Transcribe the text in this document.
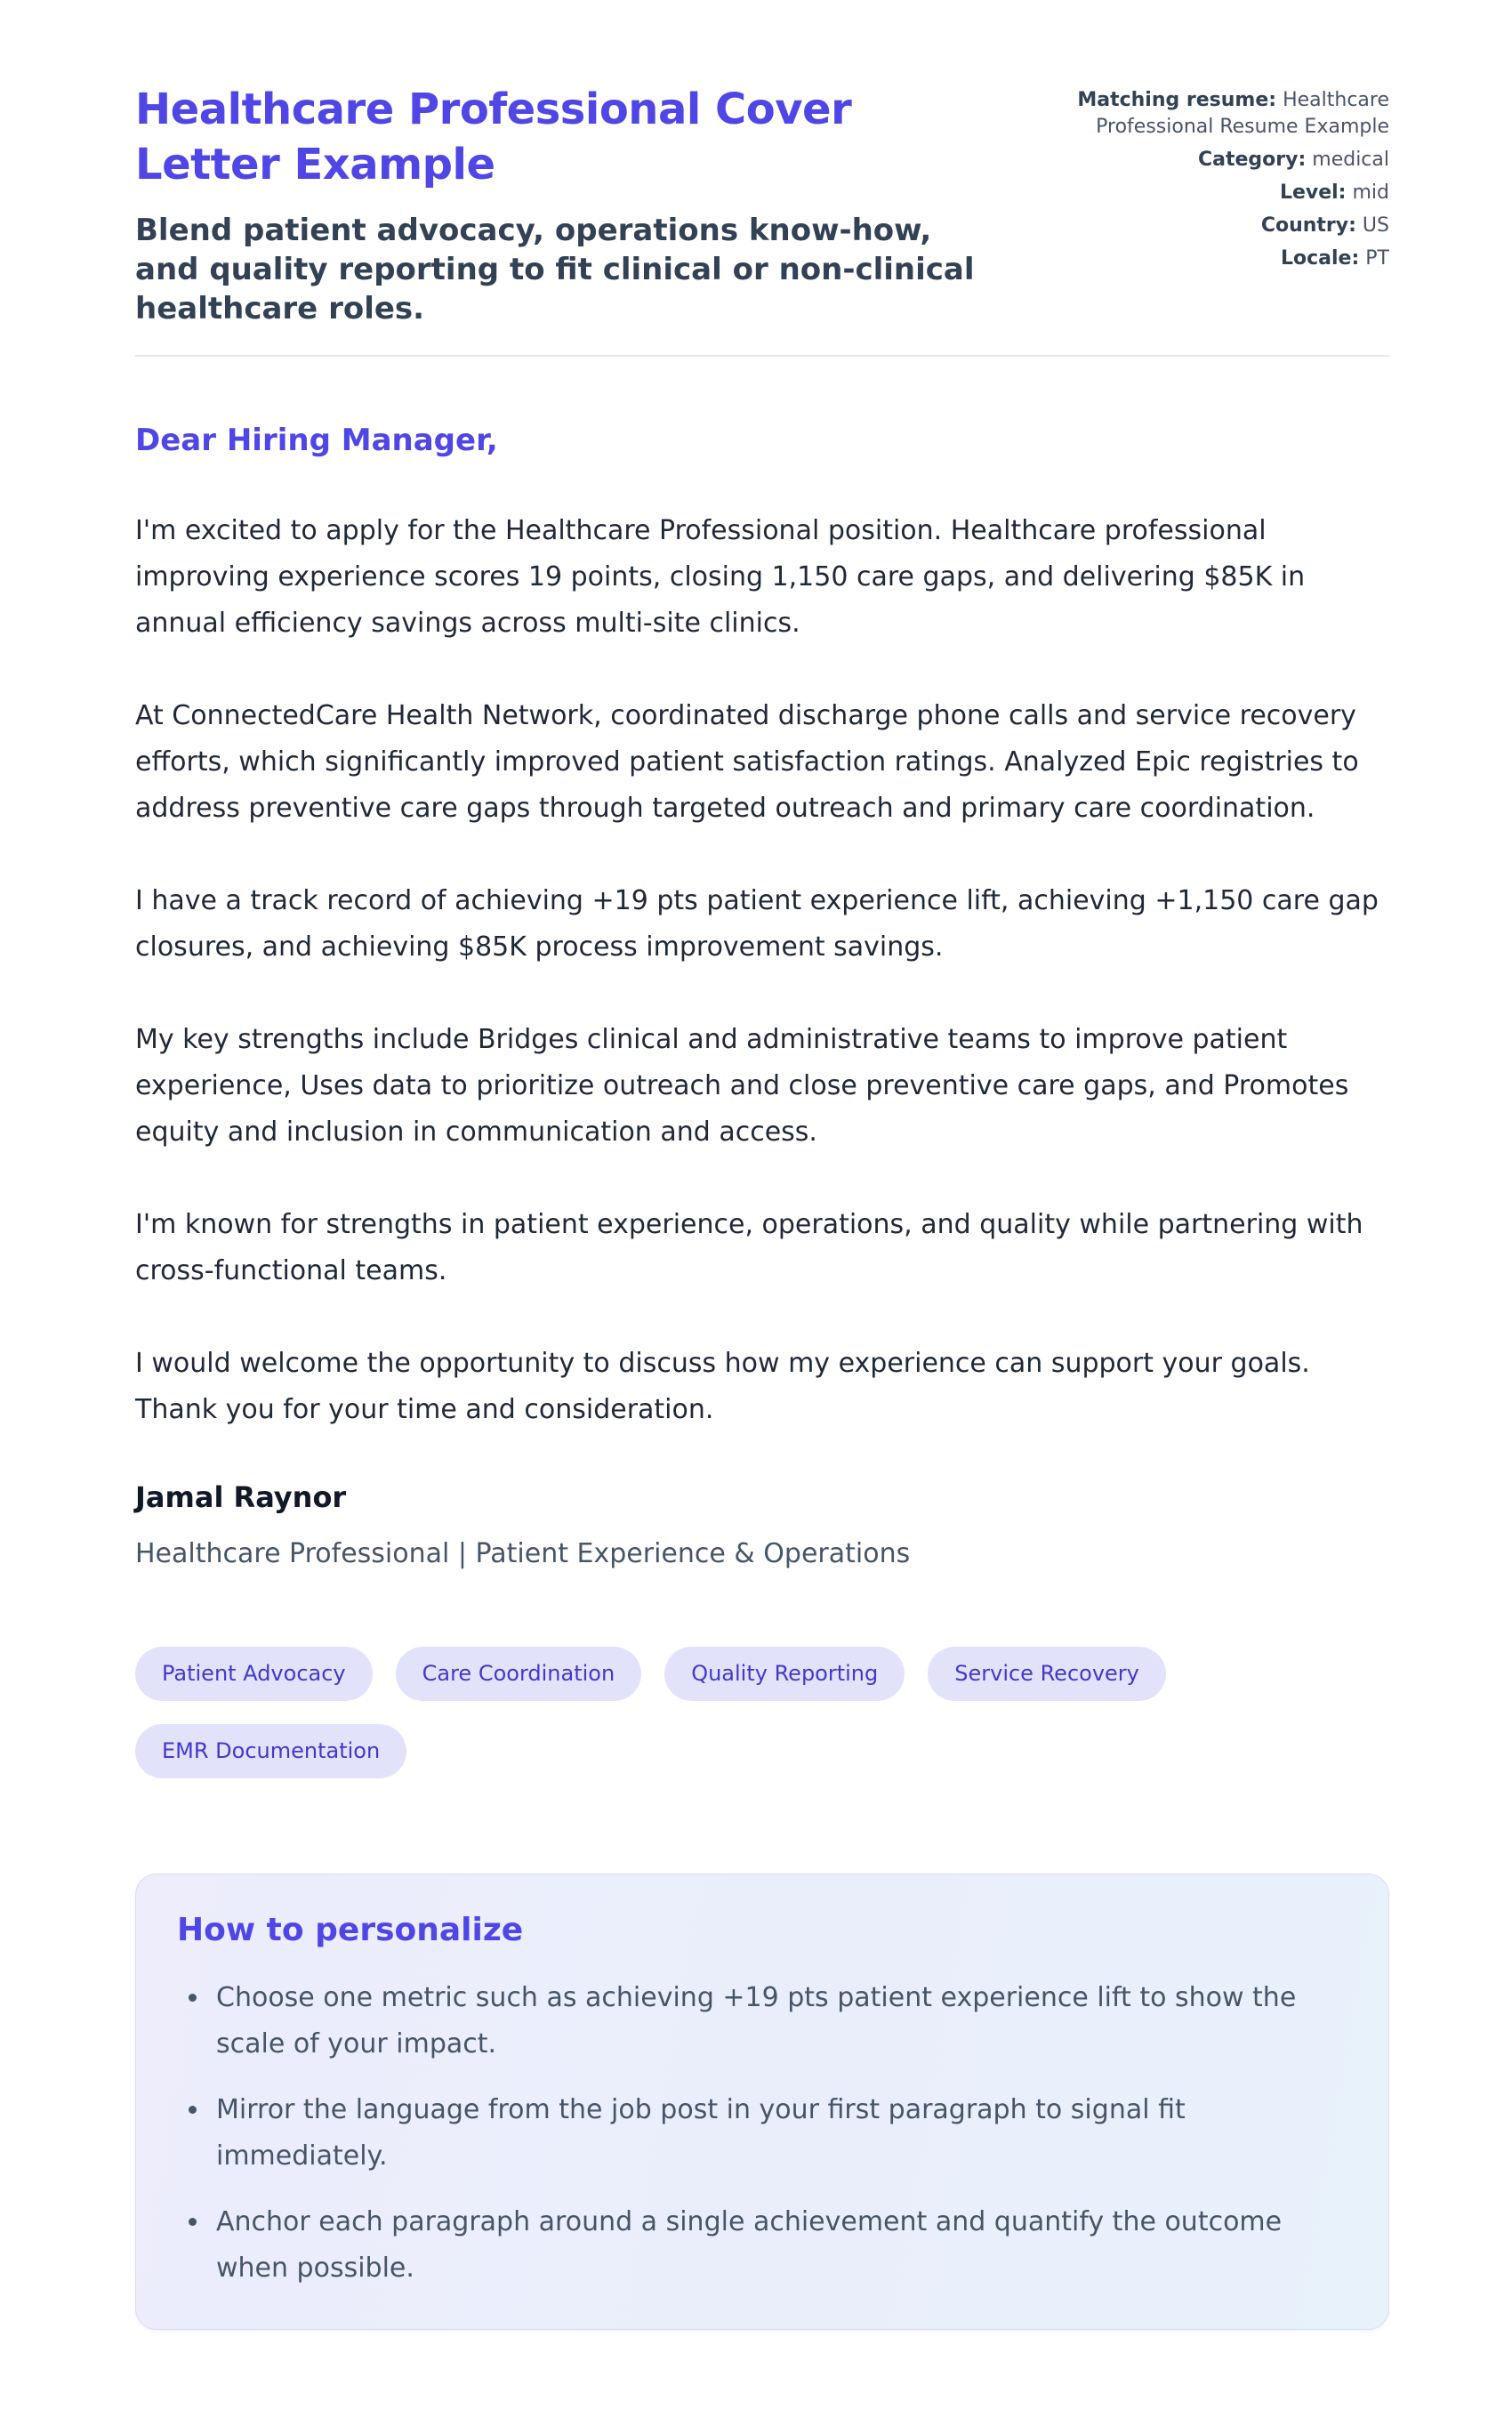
Healthcare Professional Cover Letter Example

Blend patient advocacy, operations know-how, and quality reporting to fit clinical or non-clinical healthcare roles.

Matching resume: Healthcare Professional Resume Example
Category: medical
Level: mid
Country: US
Locale: PT

Dear Hiring Manager,

I'm excited to apply for the Healthcare Professional position. Healthcare professional improving experience scores 19 points, closing 1,150 care gaps, and delivering $85K in annual efficiency savings across multi-site clinics.

At ConnectedCare Health Network, coordinated discharge phone calls and service recovery efforts, which significantly improved patient satisfaction ratings. Analyzed Epic registries to address preventive care gaps through targeted outreach and primary care coordination.

I have a track record of achieving +19 pts patient experience lift, achieving +1,150 care gap closures, and achieving $85K process improvement savings.

My key strengths include Bridges clinical and administrative teams to improve patient experience, Uses data to prioritize outreach and close preventive care gaps, and Promotes equity and inclusion in communication and access.

I'm known for strengths in patient experience, operations, and quality while partnering with cross-functional teams.

I would welcome the opportunity to discuss how my experience can support your goals. Thank you for your time and consideration.

Jamal Raynor

Healthcare Professional | Patient Experience & Operations

Patient Advocacy	Care Coordination	Quality Reporting	Service Recovery
EMR Documentation
How to personalize
• Choose one metric such as achieving +19 pts patient experience lift to show the scale of your impact.
• Mirror the language from the job post in your first paragraph to signal fit immediately.
• Anchor each paragraph around a single achievement and quantify the outcome when possible.
